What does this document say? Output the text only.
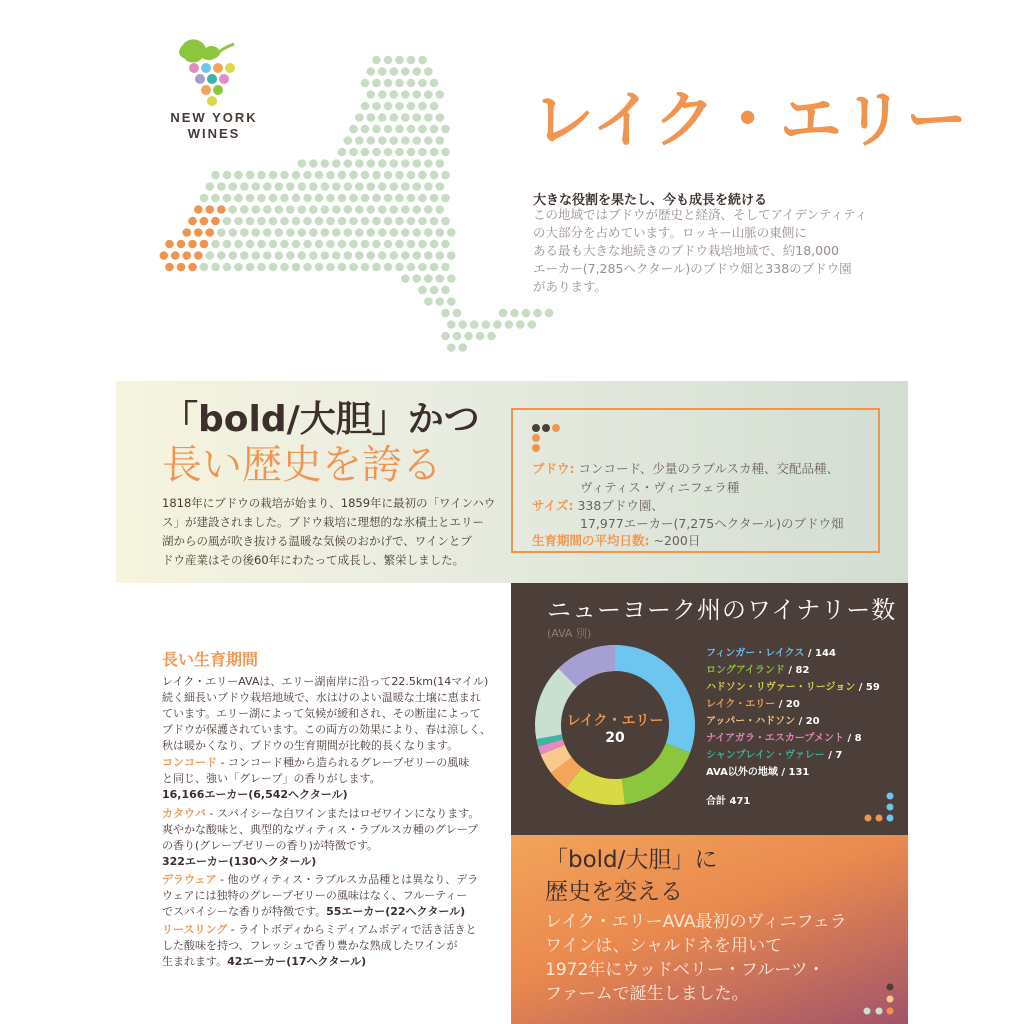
NEW YORK
WINES	レイク・エリー
大きな役割を果たし、今も成長を続ける
この地域ではブドウが歴史と経済、そしてアイデンティティ
の大部分を占めています。ロッキー山脈の東側に
ある最も大きな地続きのブドウ栽培地域で、約18,000
エーカー(7,285ヘクタール)のブドウ畑と338のブドウ園
があります。
「bold/大胆」かつ
長い歴史を誇る
1818年にブドウの栽培が始まり、1859年に最初の「ワインハウ
ス」が建設されました。ブドウ栽培に理想的な氷積土とエリー
湖からの風が吹き抜ける温暖な気候のおかげで、ワインとブ
ドウ産業はその後60年にわたって成長し、繁栄しました。
ブドウ: コンコード、少量のラブルスカ種、交配品種、
ヴィティス・ヴィニフェラ種
サイズ: 338ブドウ園、
17,977エーカー(7,275ヘクタール)のブドウ畑
生育期間の平均日数: ~200日
長い生育期間
レイク・エリーAVAは、エリー湖南岸に沿って22.5km(14マイル)
続く細長いブドウ栽培地域で、水はけのよい温暖な土壌に恵まれ
ています。エリー湖によって気候が緩和され、その断崖によって
ブドウが保護されています。この両方の効果により、春は涼しく、
秋は暖かくなり、ブドウの生育期間が比較的長くなります。
コンコード - コンコード種から造られるグレープゼリーの風味
と同じ、強い「グレープ」の香りがします。
16,166エーカー(6,542ヘクタール)
カタウバ - スパイシーな白ワインまたはロゼワインになります。
爽やかな酸味と、典型的なヴィティス・ラブルスカ種のグレープ
の香り(グレープゼリーの香り)が特徴です。
322エーカー(130ヘクタール)
デラウェア - 他のヴィティス・ラブルスカ品種とは異なり、デラ
ウェアには独特のグレープゼリーの風味はなく、フルーティー
でスパイシーな香りが特徴です。55エーカー(22ヘクタール)
リースリング - ライトボディからミディアムボディで活き活きと
した酸味を持つ、フレッシュで香り豊かな熟成したワインが
生まれます。42エーカー(17ヘクタール)
ニューヨーク州のワイナリー数
(AVA 別)
レイク・エリー
20
フィンガー・レイクス / 144
ロングアイランド / 82
ハドソン・リヴァー・リージョン / 59
レイク・エリー / 20
アッパー・ハドソン / 20
ナイアガラ・エスカープメント / 8
シャンプレイン・ヴァレー / 7
AVA以外の地域 / 131
合計 471
「bold/大胆」に
歴史を変える
レイク・エリーAVA最初のヴィニフェラ
ワインは、シャルドネを用いて
1972年にウッドベリー・フルーツ・
ファームで誕生しました。
